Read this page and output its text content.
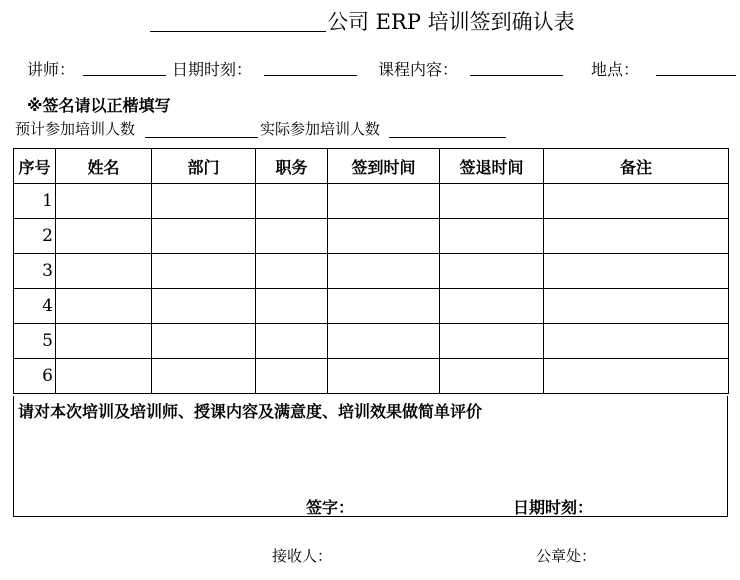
公司 ERP 培训签到确认表
讲师：	日期时刻：	课程内容：	地点：
※签名请以正楷填写
预计参加培训人数	实际参加培训人数
序号	姓名	部门	职务	签到时间	签退时间	备注
1						
2						
3						
4						
5						
6						
请对本次培训及培训师、授课内容及满意度、培训效果做简单评价
签字：	日期时刻：
接收人：	公章处：
